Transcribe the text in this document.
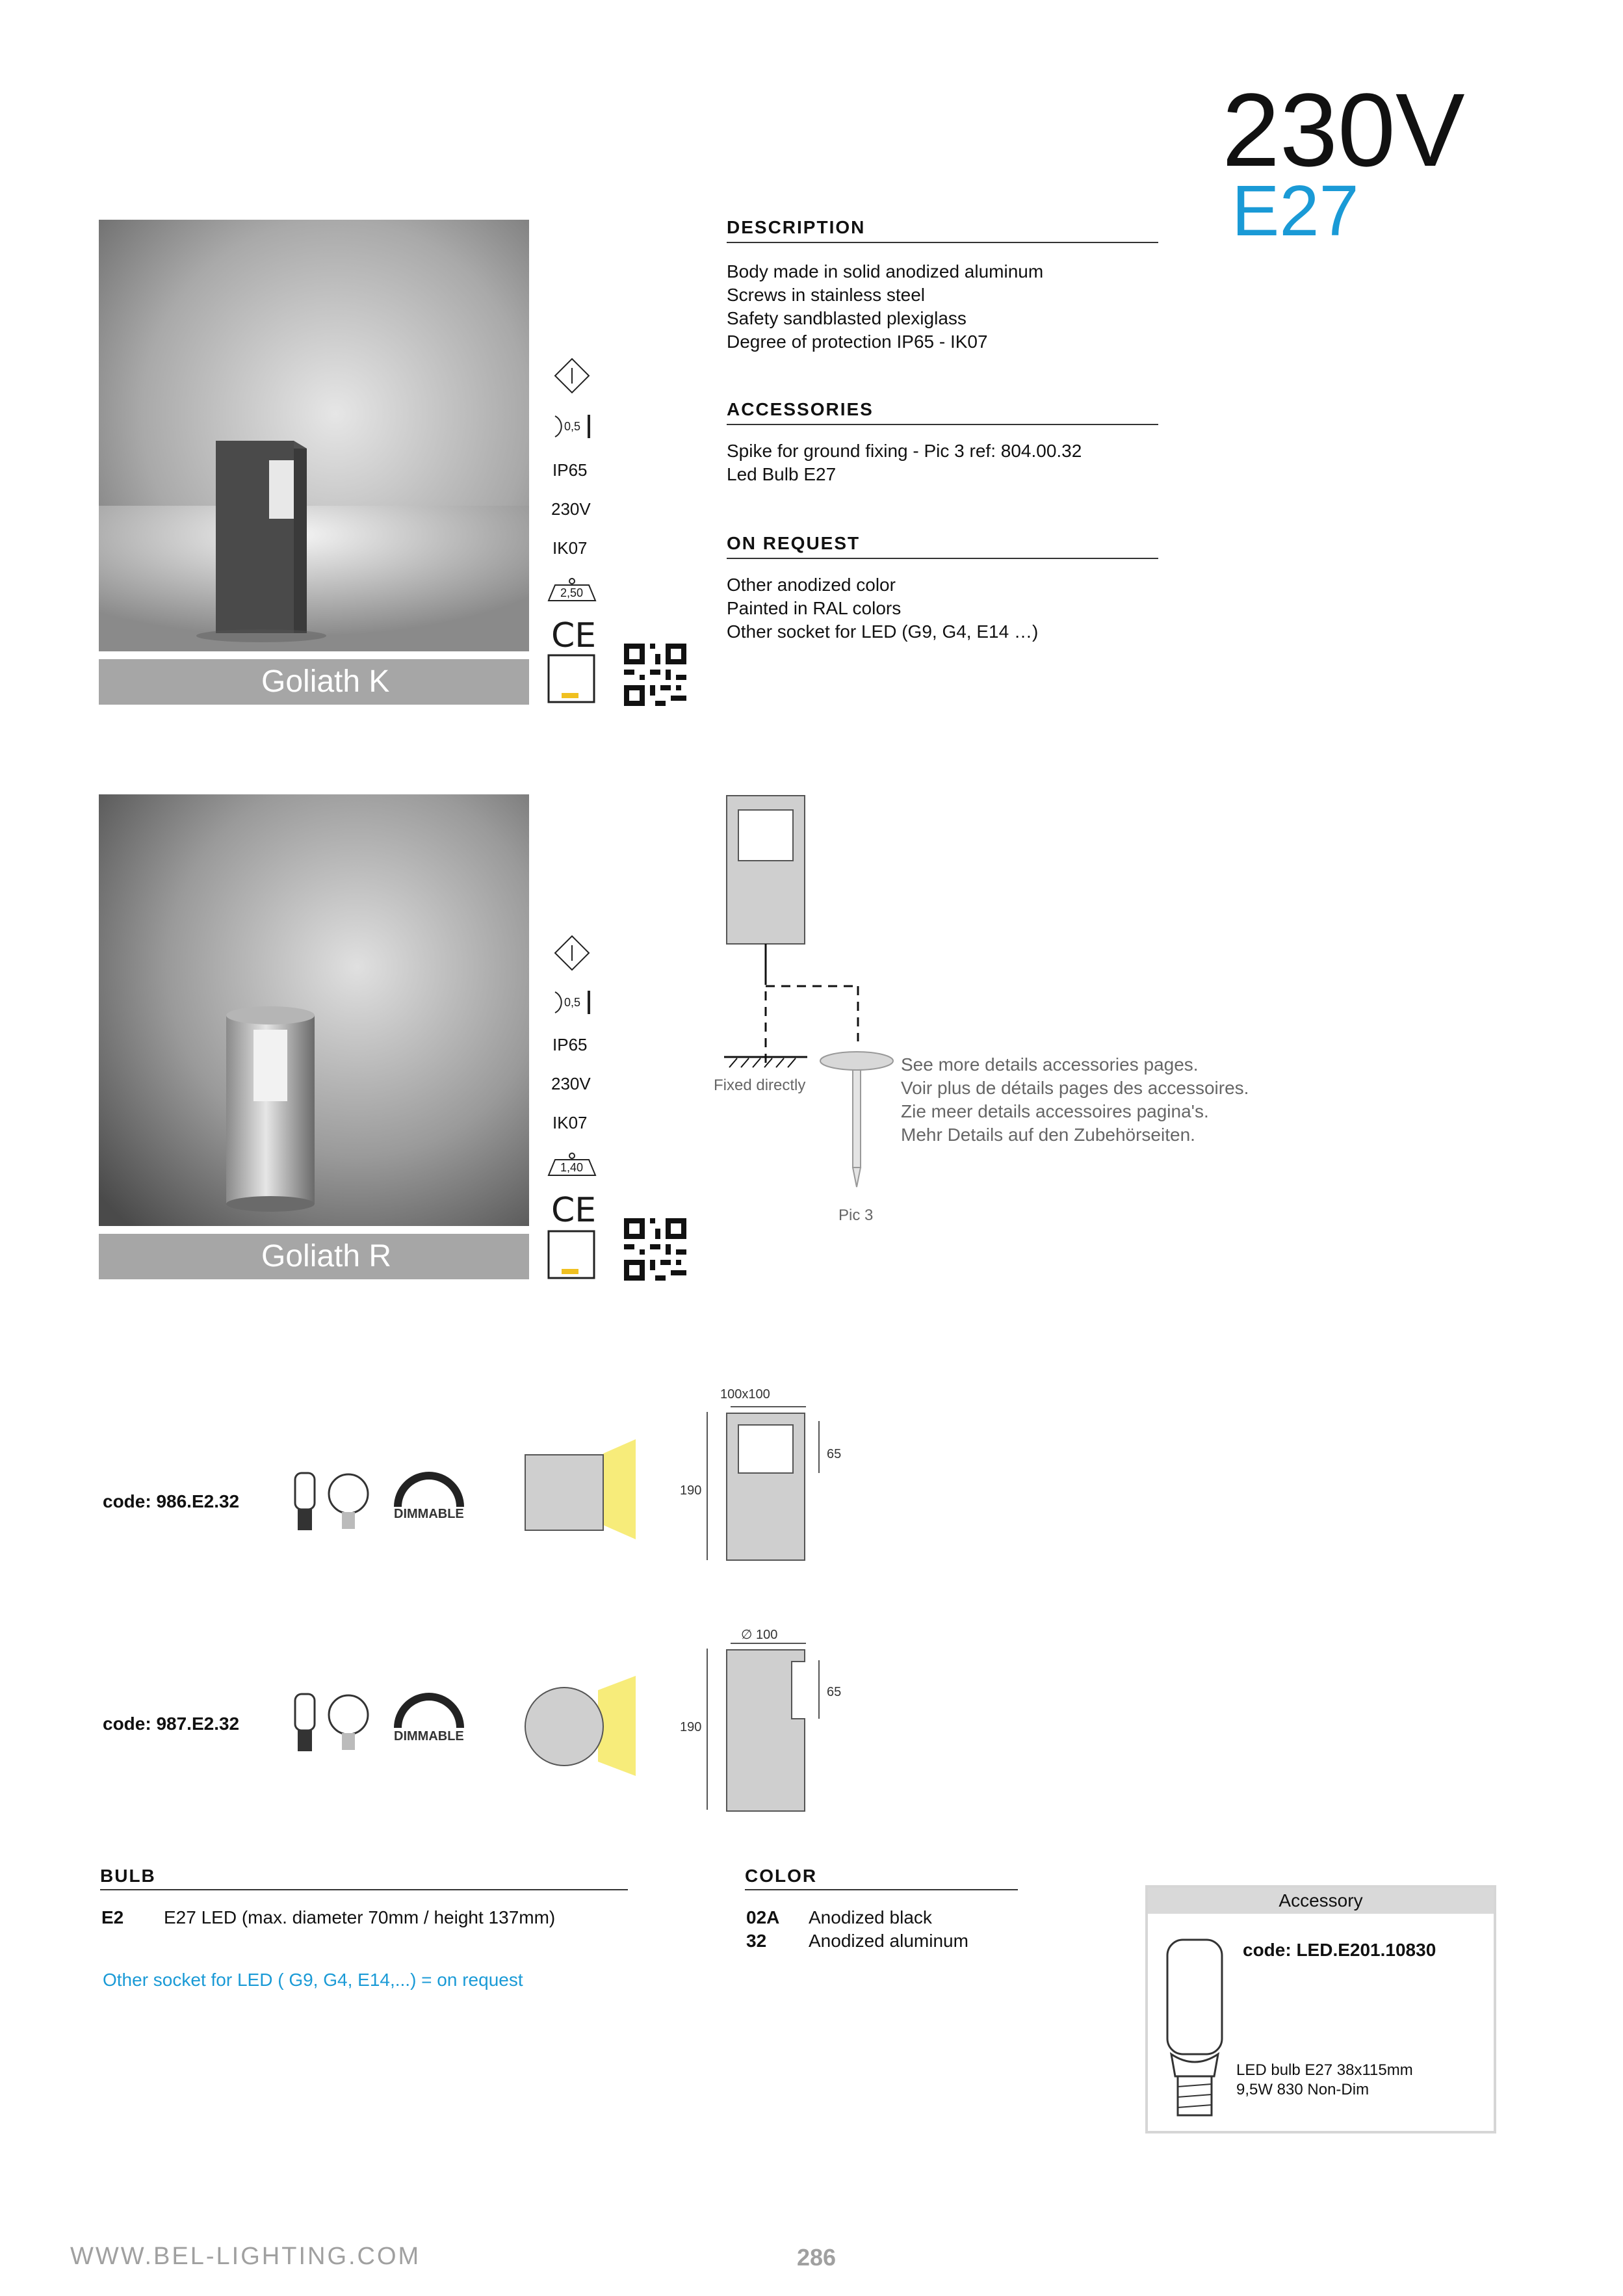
230V
E27
DESCRIPTION
Body made in solid anodized aluminum
Screws in stainless steel
Safety sandblasted plexiglass
Degree of protection IP65 - IK07
ACCESSORIES
Spike for ground fixing - Pic 3 ref: 804.00.32
Led Bulb E27
ON REQUEST
Other anodized color
Painted in RAL colors
Other socket for LED (G9, G4, E14 …)
Goliath K
0,5
IP65
230V
IK07
2,50
CE
Goliath R
0,5
IP65
230V
IK07
1,40
CE
Fixed directly
Pic 3
See more details accessories pages.
Voir plus de détails pages des accessoires.
Zie meer details accessoires pagina's.
Mehr Details auf den Zubehörseiten.
code: 986.E2.32
DIMMABLE
100x100
190
65
code: 987.E2.32
DIMMABLE
∅ 100
190
65
BULB
E2 E27 LED (max. diameter 70mm / height 137mm)
Other socket for LED ( G9, G4, E14,...) = on request
COLOR
02A Anodized black
32 Anodized aluminum
Accessory
code: LED.E201.10830
LED bulb E27 38x115mm
9,5W 830 Non-Dim
WWW.BEL-LIGHTING.COM	286
